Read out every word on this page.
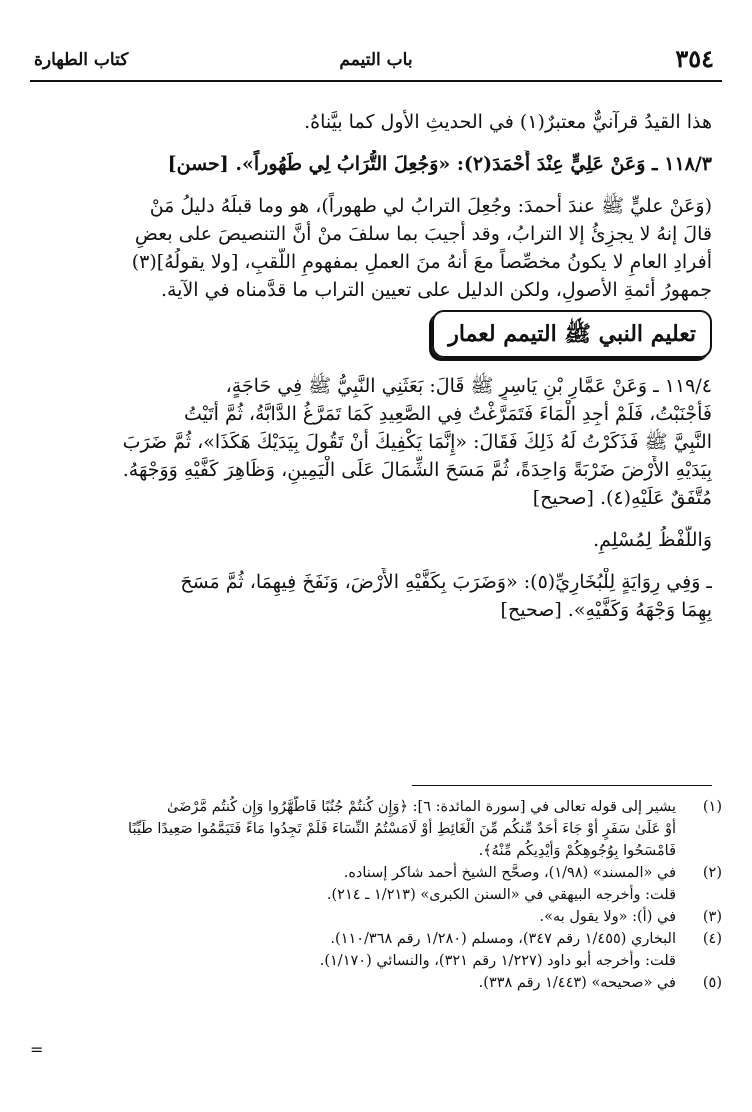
٣٥٤
باب التيمم
كتاب الطهارة
هذا القيدُ قرآنيٌّ معتبرٌ(١) في الحديثِ الأول كما بيَّناهُ.
١١٨/٣ ـ وَعَنْ عَلِيٍّ عِنْدَ أَحْمَدَ(٢): «وَجُعِلَ التُّرَابُ لِي طَهُوراً». [حسن]
(وَعَنْ عليٍّ ﷺ عندَ أحمدَ: وجُعِلَ الترابُ لي طهوراً)، هو وما قبلَهُ دليلُ مَنْ
قالَ إنهُ لا يجزِئُ إلا الترابُ، وقد أُجيبَ بما سلفَ منْ أنَّ التنصيصَ على بعضِ
أفرادِ العامِ لا يكونُ مخصِّصاً معَ أنهُ منَ العملِ بمفهومِ اللَّقبِ، [ولا يقولُهُ](٣)
جمهورُ أئمةِ الأصولِ، ولكن الدليل على تعيين التراب ما قدَّمناه في الآية.
تعليم النبي ﷺ التيمم لعمار
١١٩/٤ ـ وَعَنْ عَمَّارِ بْنِ يَاسِرٍ ﷺ قَالَ: بَعَثَنِي النَّبِيُّ ﷺ فِي حَاجَةٍ،
فَأَجْنَبْتُ، فَلَمْ أَجِدِ الْمَاءَ فَتَمَرَّغْتُ فِي الصَّعِيدِ كَمَا تَمَرَّغُ الدَّابَّةُ، ثُمَّ أَتَيْتُ
النَّبِيَّ ﷺ فَذَكَرْتُ لَهُ ذَلِكَ فَقَالَ: «إِنَّمَا يَكْفِيكَ أَنْ تَقُولَ بِيَدَيْكَ هَكَذَا»، ثُمَّ ضَرَبَ
بِيَدَيْهِ الأَرْضَ ضَرْبَةً وَاحِدَةً، ثُمَّ مَسَحَ الشِّمَالَ عَلَى الْيَمِينِ، وَظَاهِرَ كَفَّيْهِ وَوَجْهَهُ.
مُتَّفَقٌ عَلَيْهِ(٤). [صحيح]
وَاللَّفْظُ لِمُسْلِمٍ.
ـ وَفِي رِوَايَةٍ لِلْبُخَارِيِّ(٥): «وَضَرَبَ بِكَفَّيْهِ الأَرْضَ، وَنَفَخَ فِيهِمَا، ثُمَّ مَسَحَ
بِهِمَا وَجْهَهُ وَكَفَّيْهِ». [صحيح]
(١)
يشير إلى قوله تعالى في [سورة المائدة: ٦]: ﴿وَإِن كُنتُمْ جُنُبًا فَاطَّهَّرُوا وَإِن كُنتُم مَّرْضَىٰ
أَوْ عَلَىٰ سَفَرٍ أَوْ جَاءَ أَحَدٌ مِّنكُم مِّنَ الْغَائِطِ أَوْ لَامَسْتُمُ النِّسَاءَ فَلَمْ تَجِدُوا مَاءً فَتَيَمَّمُوا صَعِيدًا طَيِّبًا
فَامْسَحُوا بِوُجُوهِكُمْ وَأَيْدِيكُم مِّنْهُ﴾.
(٢)
في «المسند» (١/٩٨)، وصحَّح الشيخ أحمد شاكر إسناده.
قلت: وأخرجه البيهقي في «السنن الكبرى» (١/٢١٣ ـ ٢١٤).
(٣)
في (أ): «ولا يقول به».
(٤)
البخاري (١/٤٥٥ رقم ٣٤٧)، ومسلم (١/٢٨٠ رقم ١١٠/٣٦٨).
قلت: وأخرجه أبو داود (١/٢٢٧ رقم ٣٢١)، والنسائي (١/١٧٠).
(٥)
في «صحيحه» (١/٤٤٣ رقم ٣٣٨).
=
